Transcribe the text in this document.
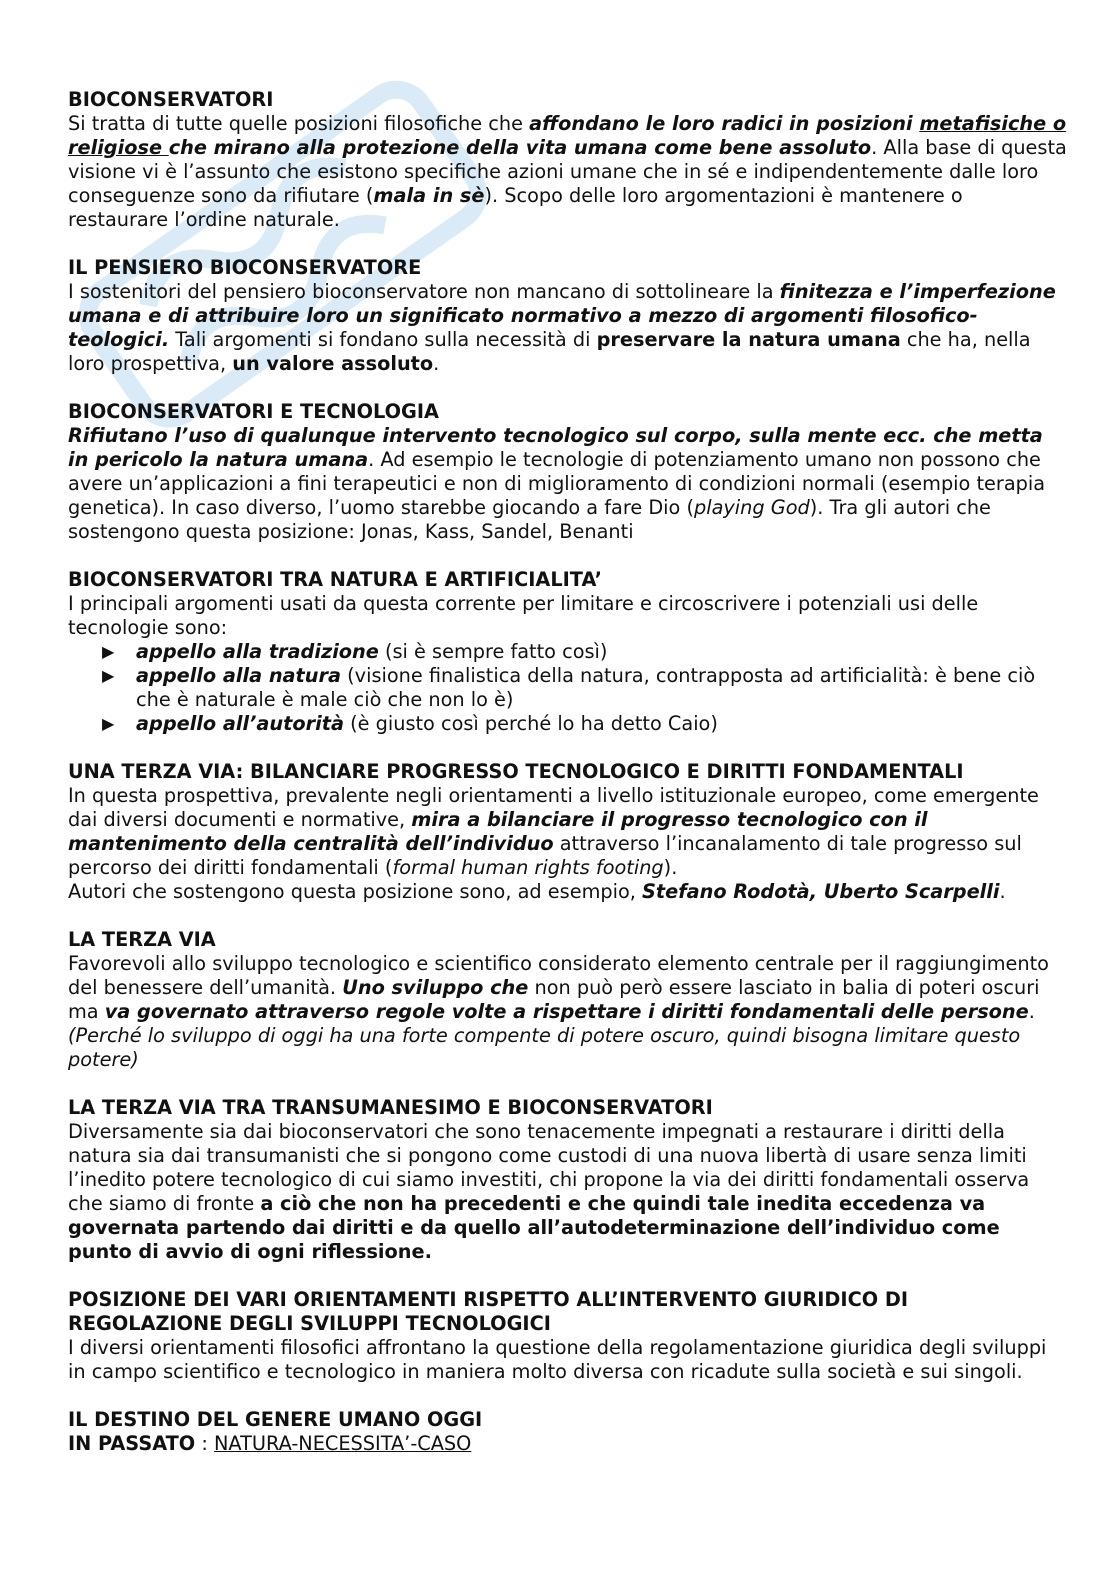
BIOCONSERVATORI

Si tratta di tutte quelle posizioni filosofiche che affondano le loro radici in posizioni metafisiche o religiose che mirano alla protezione della vita umana come bene assoluto. Alla base di questa visione vi è l’assunto che esistono specifiche azioni umane che in sé e indipendentemente dalle loro conseguenze sono da rifiutare (mala in sè). Scopo delle loro argomentazioni è mantenere o restaurare l’ordine naturale.

IL PENSIERO BIOCONSERVATORE

I sostenitori del pensiero bioconservatore non mancano di sottolineare la finitezza e l’imperfezione umana e di attribuire loro un significato normativo a mezzo di argomenti filosofico-teologici. Tali argomenti si fondano sulla necessità di preservare la natura umana che ha, nella loro prospettiva, un valore assoluto.

BIOCONSERVATORI E TECNOLOGIA

Rifiutano l’uso di qualunque intervento tecnologico sul corpo, sulla mente ecc. che metta in pericolo la natura umana. Ad esempio le tecnologie di potenziamento umano non possono che avere un’applicazioni a fini terapeutici e non di miglioramento di condizioni normali (esempio terapia genetica). In caso diverso, l’uomo starebbe giocando a fare Dio (playing God). Tra gli autori che sostengono questa posizione: Jonas, Kass, Sandel, Benanti

BIOCONSERVATORI TRA NATURA E ARTIFICIALITA’

I principali argomenti usati da questa corrente per limitare e circoscrivere i potenziali usi delle tecnologie sono:

▶ appello alla tradizione (si è sempre fatto così)
▶ appello alla natura (visione finalistica della natura, contrapposta ad artificialità: è bene ciò che è naturale è male ciò che non lo è)
▶ appello all’autorità (è giusto così perché lo ha detto Caio)
UNA TERZA VIA: BILANCIARE PROGRESSO TECNOLOGICO E DIRITTI FONDAMENTALI

In questa prospettiva, prevalente negli orientamenti a livello istituzionale europeo, come emergente dai diversi documenti e normative, mira a bilanciare il progresso tecnologico con il mantenimento della centralità dell’individuo attraverso l’incanalamento di tale progresso sul percorso dei diritti fondamentali (formal human rights footing).
Autori che sostengono questa posizione sono, ad esempio, Stefano Rodotà, Uberto Scarpelli.

LA TERZA VIA

Favorevoli allo sviluppo tecnologico e scientifico considerato elemento centrale per il raggiungimento del benessere dell’umanità. Uno sviluppo che non può però essere lasciato in balia di poteri oscuri ma va governato attraverso regole volte a rispettare i diritti fondamentali delle persone. (Perché lo sviluppo di oggi ha una forte compente di potere oscuro, quindi bisogna limitare questo potere)

LA TERZA VIA TRA TRANSUMANESIMO E BIOCONSERVATORI

Diversamente sia dai bioconservatori che sono tenacemente impegnati a restaurare i diritti della natura sia dai transumanisti che si pongono come custodi di una nuova libertà di usare senza limiti l’inedito potere tecnologico di cui siamo investiti, chi propone la via dei diritti fondamentali osserva che siamo di fronte a ciò che non ha precedenti e che quindi tale inedita eccedenza va governata partendo dai diritti e da quello all’autodeterminazione dell’individuo come punto di avvio di ogni riflessione.

POSIZIONE DEI VARI ORIENTAMENTI RISPETTO ALL’INTERVENTO GIURIDICO DI REGOLAZIONE DEGLI SVILUPPI TECNOLOGICI

I diversi orientamenti filosofici affrontano la questione della regolamentazione giuridica degli sviluppi in campo scientifico e tecnologico in maniera molto diversa con ricadute sulla società e sui singoli.

IL DESTINO DEL GENERE UMANO OGGI

IN PASSATO : NATURA-NECESSITA’-CASO
